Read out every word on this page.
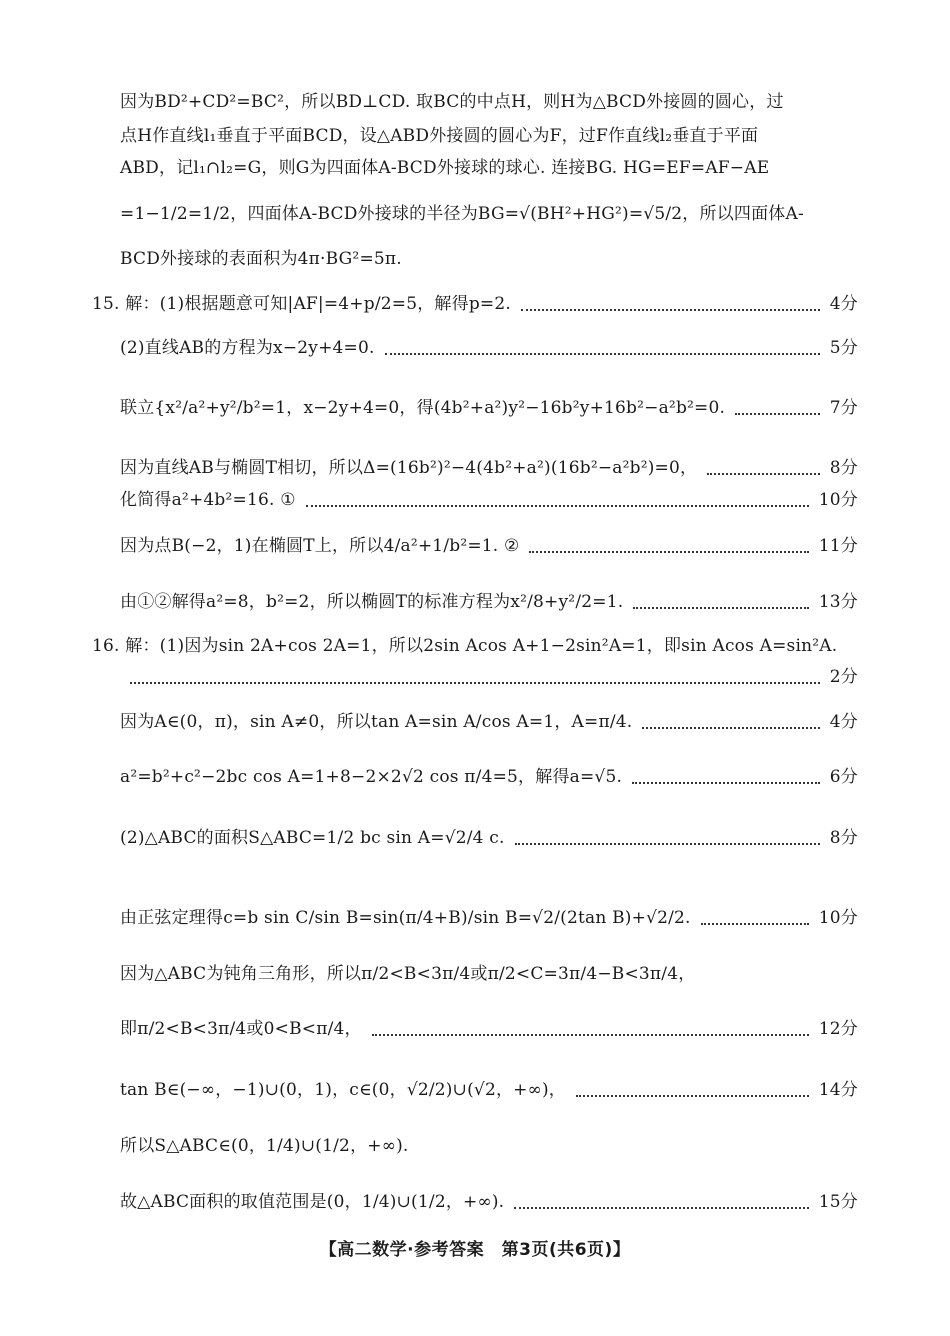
因为BD²+CD²=BC²，所以BD⊥CD. 取BC的中点H，则H为△BCD外接圆的圆心，过
点H作直线l₁垂直于平面BCD，设△ABD外接圆的圆心为F，过F作直线l₂垂直于平面
ABD，记l₁∩l₂=G，则G为四面体A-BCD外接球的球心. 连接BG. HG=EF=AF−AE
=1−1/2=1/2，四面体A-BCD外接球的半径为BG=√(BH²+HG²)=√5/2，所以四面体A-
BCD外接球的表面积为4π·BG²=5π.
15. 解：(1)根据题意可知|AF|=4+p/2=5，解得p=2.	4分
(2)直线AB的方程为x−2y+4=0.	5分
联立{x²/a²+y²/b²=1，x−2y+4=0，得(4b²+a²)y²−16b²y+16b²−a²b²=0.	7分
因为直线AB与椭圆T相切，所以Δ=(16b²)²−4(4b²+a²)(16b²−a²b²)=0，	8分
化简得a²+4b²=16. ①	10分
因为点B(−2，1)在椭圆T上，所以4/a²+1/b²=1. ②	11分
由①②解得a²=8，b²=2，所以椭圆T的标准方程为x²/8+y²/2=1.	13分
16. 解：(1)因为sin 2A+cos 2A=1，所以2sin Acos A+1−2sin²A=1，即sin Acos A=sin²A.
2分
因为A∈(0，π)，sin A≠0，所以tan A=sin A/cos A=1，A=π/4.	4分
a²=b²+c²−2bc cos A=1+8−2×2√2 cos π/4=5，解得a=√5.	6分
(2)△ABC的面积S△ABC=1/2 bc sin A=√2/4 c.	8分
由正弦定理得c=b sin C/sin B=sin(π/4+B)/sin B=√2/(2tan B)+√2/2.	10分
因为△ABC为钝角三角形，所以π/2<B<3π/4或π/2<C=3π/4−B<3π/4，
即π/2<B<3π/4或0<B<π/4，	12分
tan B∈(−∞，−1)∪(0，1)，c∈(0，√2/2)∪(√2，+∞)，	14分
所以S△ABC∈(0，1/4)∪(1/2，+∞).
故△ABC面积的取值范围是(0，1/4)∪(1/2，+∞).	15分
【高二数学·参考答案　第3页(共6页)】
